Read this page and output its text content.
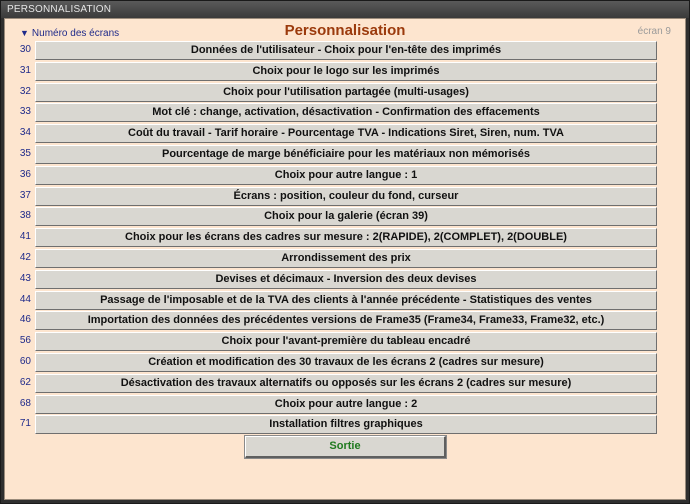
PERSONNALISATION
▼ Numéro des écrans	Personnalisation	écran 9
30	Données de l'utilisateur - Choix pour l'en-tête des imprimés
31	Choix pour le logo sur les imprimés
32	Choix pour l'utilisation partagée (multi-usages)
33	Mot clé : change, activation, désactivation - Confirmation des effacements
34	Coût du travail - Tarif horaire - Pourcentage TVA - Indications Siret, Siren, num. TVA
35	Pourcentage de marge bénéficiaire pour les matériaux non mémorisés
36	Choix pour autre langue : 1
37	Écrans : position, couleur du fond, curseur
38	Choix pour la galerie (écran 39)
41	Choix pour les écrans des cadres sur mesure : 2(RAPIDE), 2(COMPLET), 2(DOUBLE)
42	Arrondissement des prix
43	Devises et décimaux - Inversion des deux devises
44	Passage de l'imposable et de la TVA des clients à l'année précédente - Statistiques des ventes
46	Importation des données des précédentes versions de Frame35 (Frame34, Frame33, Frame32, etc.)
56	Choix pour l'avant-première du tableau encadré
60	Création et modification des 30 travaux de les écrans 2 (cadres sur mesure)
62	Désactivation des travaux alternatifs ou opposés sur les écrans 2 (cadres sur mesure)
68	Choix pour autre langue : 2
71	Installation filtres graphiques
Sortie
